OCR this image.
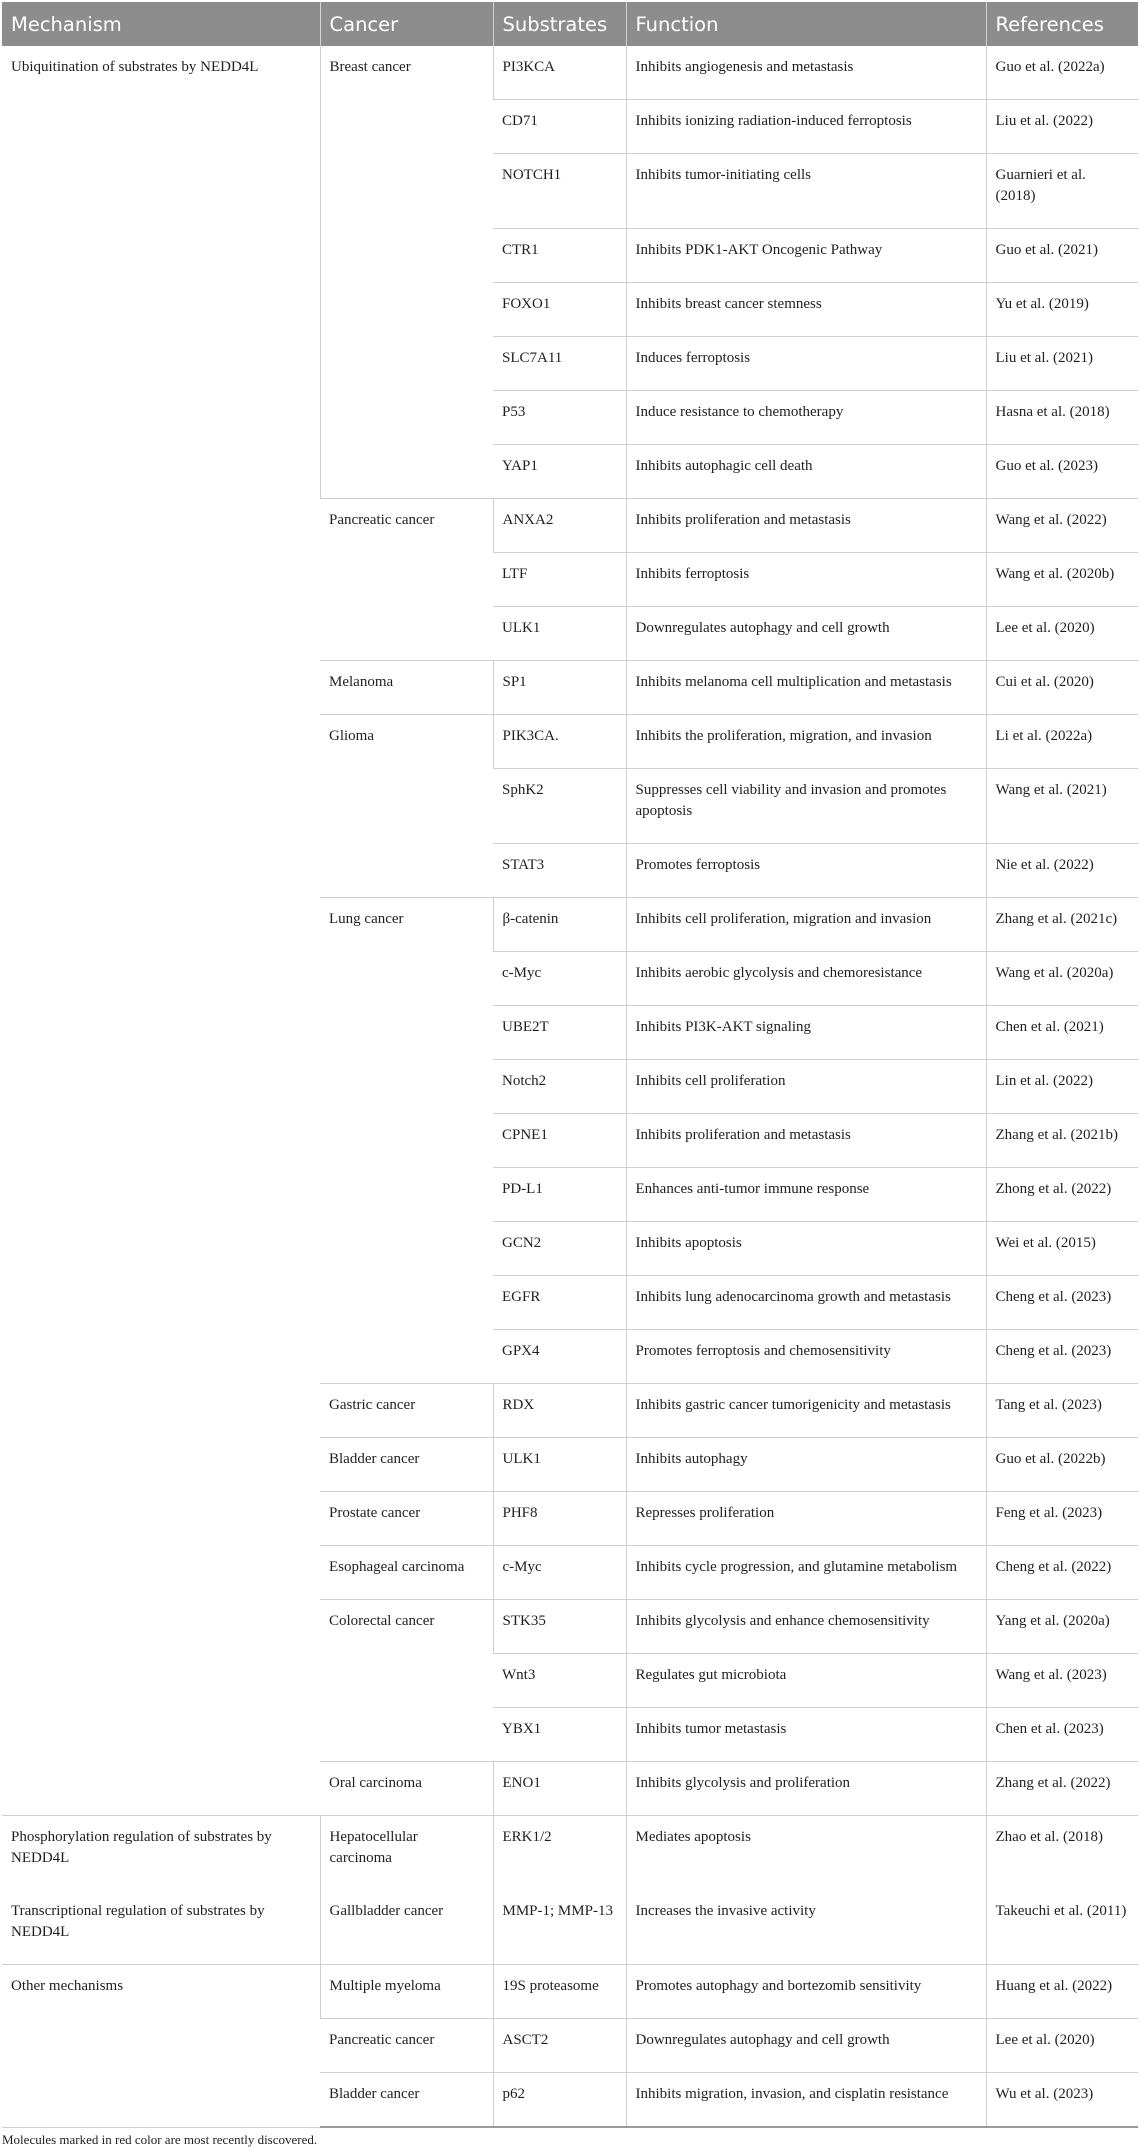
Mechanism	Cancer	Substrates	Function	References
Ubiquitination of substrates by NEDD4L	Breast cancer	PI3KCA	Inhibits angiogenesis and metastasis	Guo et al. (2022a)
		CD71	Inhibits ionizing radiation-induced ferroptosis	Liu et al. (2022)
		NOTCH1	Inhibits tumor-initiating cells	Guarnieri et al. (2018)
		CTR1	Inhibits PDK1-AKT Oncogenic Pathway	Guo et al. (2021)
		FOXO1	Inhibits breast cancer stemness	Yu et al. (2019)
		SLC7A11	Induces ferroptosis	Liu et al. (2021)
		P53	Induce resistance to chemotherapy	Hasna et al. (2018)
		YAP1	Inhibits autophagic cell death	Guo et al. (2023)
	Pancreatic cancer	ANXA2	Inhibits proliferation and metastasis	Wang et al. (2022)
		LTF	Inhibits ferroptosis	Wang et al. (2020b)
		ULK1	Downregulates autophagy and cell growth	Lee et al. (2020)
	Melanoma	SP1	Inhibits melanoma cell multiplication and metastasis	Cui et al. (2020)
	Glioma	PIK3CA.	Inhibits the proliferation, migration, and invasion	Li et al. (2022a)
		SphK2	Suppresses cell viability and invasion and promotes apoptosis	Wang et al. (2021)
		STAT3	Promotes ferroptosis	Nie et al. (2022)
	Lung cancer	β-catenin	Inhibits cell proliferation, migration and invasion	Zhang et al. (2021c)
		c-Myc	Inhibits aerobic glycolysis and chemoresistance	Wang et al. (2020a)
		UBE2T	Inhibits PI3K-AKT signaling	Chen et al. (2021)
		Notch2	Inhibits cell proliferation	Lin et al. (2022)
		CPNE1	Inhibits proliferation and metastasis	Zhang et al. (2021b)
		PD-L1	Enhances anti-tumor immune response	Zhong et al. (2022)
		GCN2	Inhibits apoptosis	Wei et al. (2015)
		EGFR	Inhibits lung adenocarcinoma growth and metastasis	Cheng et al. (2023)
		GPX4	Promotes ferroptosis and chemosensitivity	Cheng et al. (2023)
	Gastric cancer	RDX	Inhibits gastric cancer tumorigenicity and metastasis	Tang et al. (2023)
	Bladder cancer	ULK1	Inhibits autophagy	Guo et al. (2022b)
	Prostate cancer	PHF8	Represses proliferation	Feng et al. (2023)
	Esophageal carcinoma	c-Myc	Inhibits cycle progression, and glutamine metabolism	Cheng et al. (2022)
	Colorectal cancer	STK35	Inhibits glycolysis and enhance chemosensitivity	Yang et al. (2020a)
		Wnt3	Regulates gut microbiota	Wang et al. (2023)
		YBX1	Inhibits tumor metastasis	Chen et al. (2023)
	Oral carcinoma	ENO1	Inhibits glycolysis and proliferation	Zhang et al. (2022)
Phosphorylation regulation of substrates by NEDD4L	Hepatocellular carcinoma	ERK1/2	Mediates apoptosis	Zhao et al. (2018)
Transcriptional regulation of substrates by NEDD4L	Gallbladder cancer	MMP-1; MMP-13	Increases the invasive activity	Takeuchi et al. (2011)
Other mechanisms	Multiple myeloma	19S proteasome	Promotes autophagy and bortezomib sensitivity	Huang et al. (2022)
	Pancreatic cancer	ASCT2	Downregulates autophagy and cell growth	Lee et al. (2020)
	Bladder cancer	p62	Inhibits migration, invasion, and cisplatin resistance	Wu et al. (2023)
Molecules marked in red color are most recently discovered.
